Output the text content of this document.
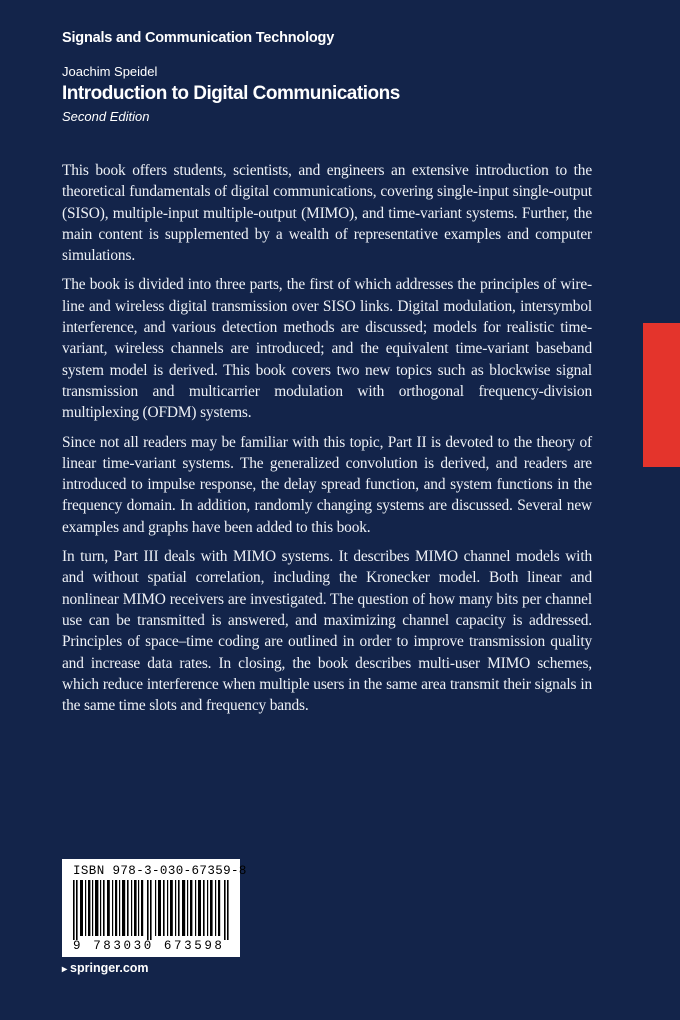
Signals and Communication Technology
Joachim Speidel
Introduction to Digital Communications
Second Edition

This book offers students, scientists, and engineers an extensive introduction to the theoretical fundamentals of digital communications, covering single-input single-output (SISO), multiple-input multiple-output (MIMO), and time-variant systems. Further, the main content is supplemented by a wealth of representative examples and computer simulations.

The book is divided into three parts, the first of which addresses the principles of wire-line and wireless digital transmission over SISO links. Digital modulation, intersymbol interference, and various detection methods are discussed; models for realistic time-variant, wireless channels are introduced; and the equivalent time-variant baseband system model is derived. This book covers two new topics such as blockwise signal transmission and multicarrier modulation with orthogonal frequency-division multiplexing (OFDM) systems.

Since not all readers may be familiar with this topic, Part II is devoted to the theory of linear time-variant systems. The generalized convolution is derived, and readers are introduced to impulse response, the delay spread function, and system functions in the frequency domain. In addition, randomly changing systems are discussed. Several new examples and graphs have been added to this book.

In turn, Part III deals with MIMO systems. It describes MIMO channel models with and without spatial correlation, including the Kronecker model. Both linear and nonlinear MIMO receivers are investigated. The question of how many bits per channel use can be transmitted is answered, and maximizing channel capacity is addressed. Principles of space–time coding are outlined in order to improve transmission quality and increase data rates. In closing, the book describes multi-user MIMO schemes, which reduce interference when multiple users in the same area transmit their signals in the same time slots and frequency bands.

ISBN 978-3-030-67359-8
9 783030 673598
▸ springer.com
